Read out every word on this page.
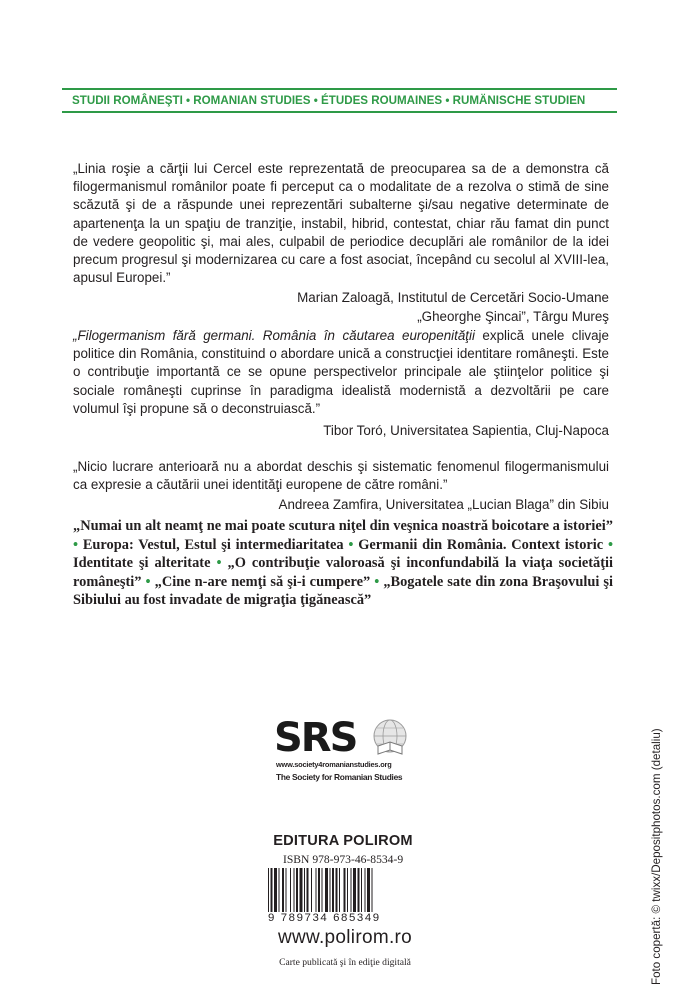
STUDII ROMÂNEŞTI • ROMANIAN STUDIES • ÉTUDES ROUMAINES • RUMÄNISCHE STUDIEN
„Linia roşie a cărţii lui Cercel este reprezentată de preocuparea sa de a demonstra că filogermanismul românilor poate fi perceput ca o modalitate de a rezolva o stimă de sine scăzută şi de a răspunde unei reprezentări subalterne şi/sau negative determinate de apartenenţa la un spaţiu de tranziţie, instabil, hibrid, contestat, chiar rău famat din punct de vedere geopolitic şi, mai ales, culpabil de periodice decuplări ale românilor de la idei precum progresul şi modernizarea cu care a fost asociat, începând cu secolul al XVIII-lea, apusul Europei.”
Marian Zaloagă, Institutul de Cercetări Socio-Umane
„Gheorghe Şincai”, Târgu Mureş
„Filogermanism fără germani. România în căutarea europenităţii explică unele clivaje politice din România, constituind o abordare unică a construcţiei identitare româneşti. Este o contribuţie importantă ce se opune perspectivelor principale ale ştiinţelor politice şi sociale româneşti cuprinse în paradigma idealistă modernistă a dezvoltării pe care volumul îşi propune să o deconstruiască.”
Tibor Toró, Universitatea Sapientia, Cluj-Napoca
„Nicio lucrare anterioară nu a abordat deschis şi sistematic fenomenul filogermanismului ca expresie a căutării unei identităţi europene de către români.”
Andreea Zamfira, Universitatea „Lucian Blaga” din Sibiu
„Numai un alt neamţ ne mai poate scutura niţel din veşnica noastră boicotare a istoriei” • Europa: Vestul, Estul şi intermediaritatea • Germanii din România. Context istoric • Identitate şi alteritate • „O contribuţie valoroasă şi inconfundabilă la viaţa societăţii româneşti” • „Cine n-are nemţi să şi-i cumpere” • „Bogatele sate din zona Braşovului şi Sibiului au fost invadate de migraţia ţigănească”
SRS
www.society4romanianstudies.org
The Society for Romanian Studies
EDITURA POLIROM
ISBN 978-973-46-8534-9
9 789734 685349
www.polirom.ro
Carte publicată şi în ediţie digitală	Foto copertă: © twixx/Depositphotos.com (detaliu)
